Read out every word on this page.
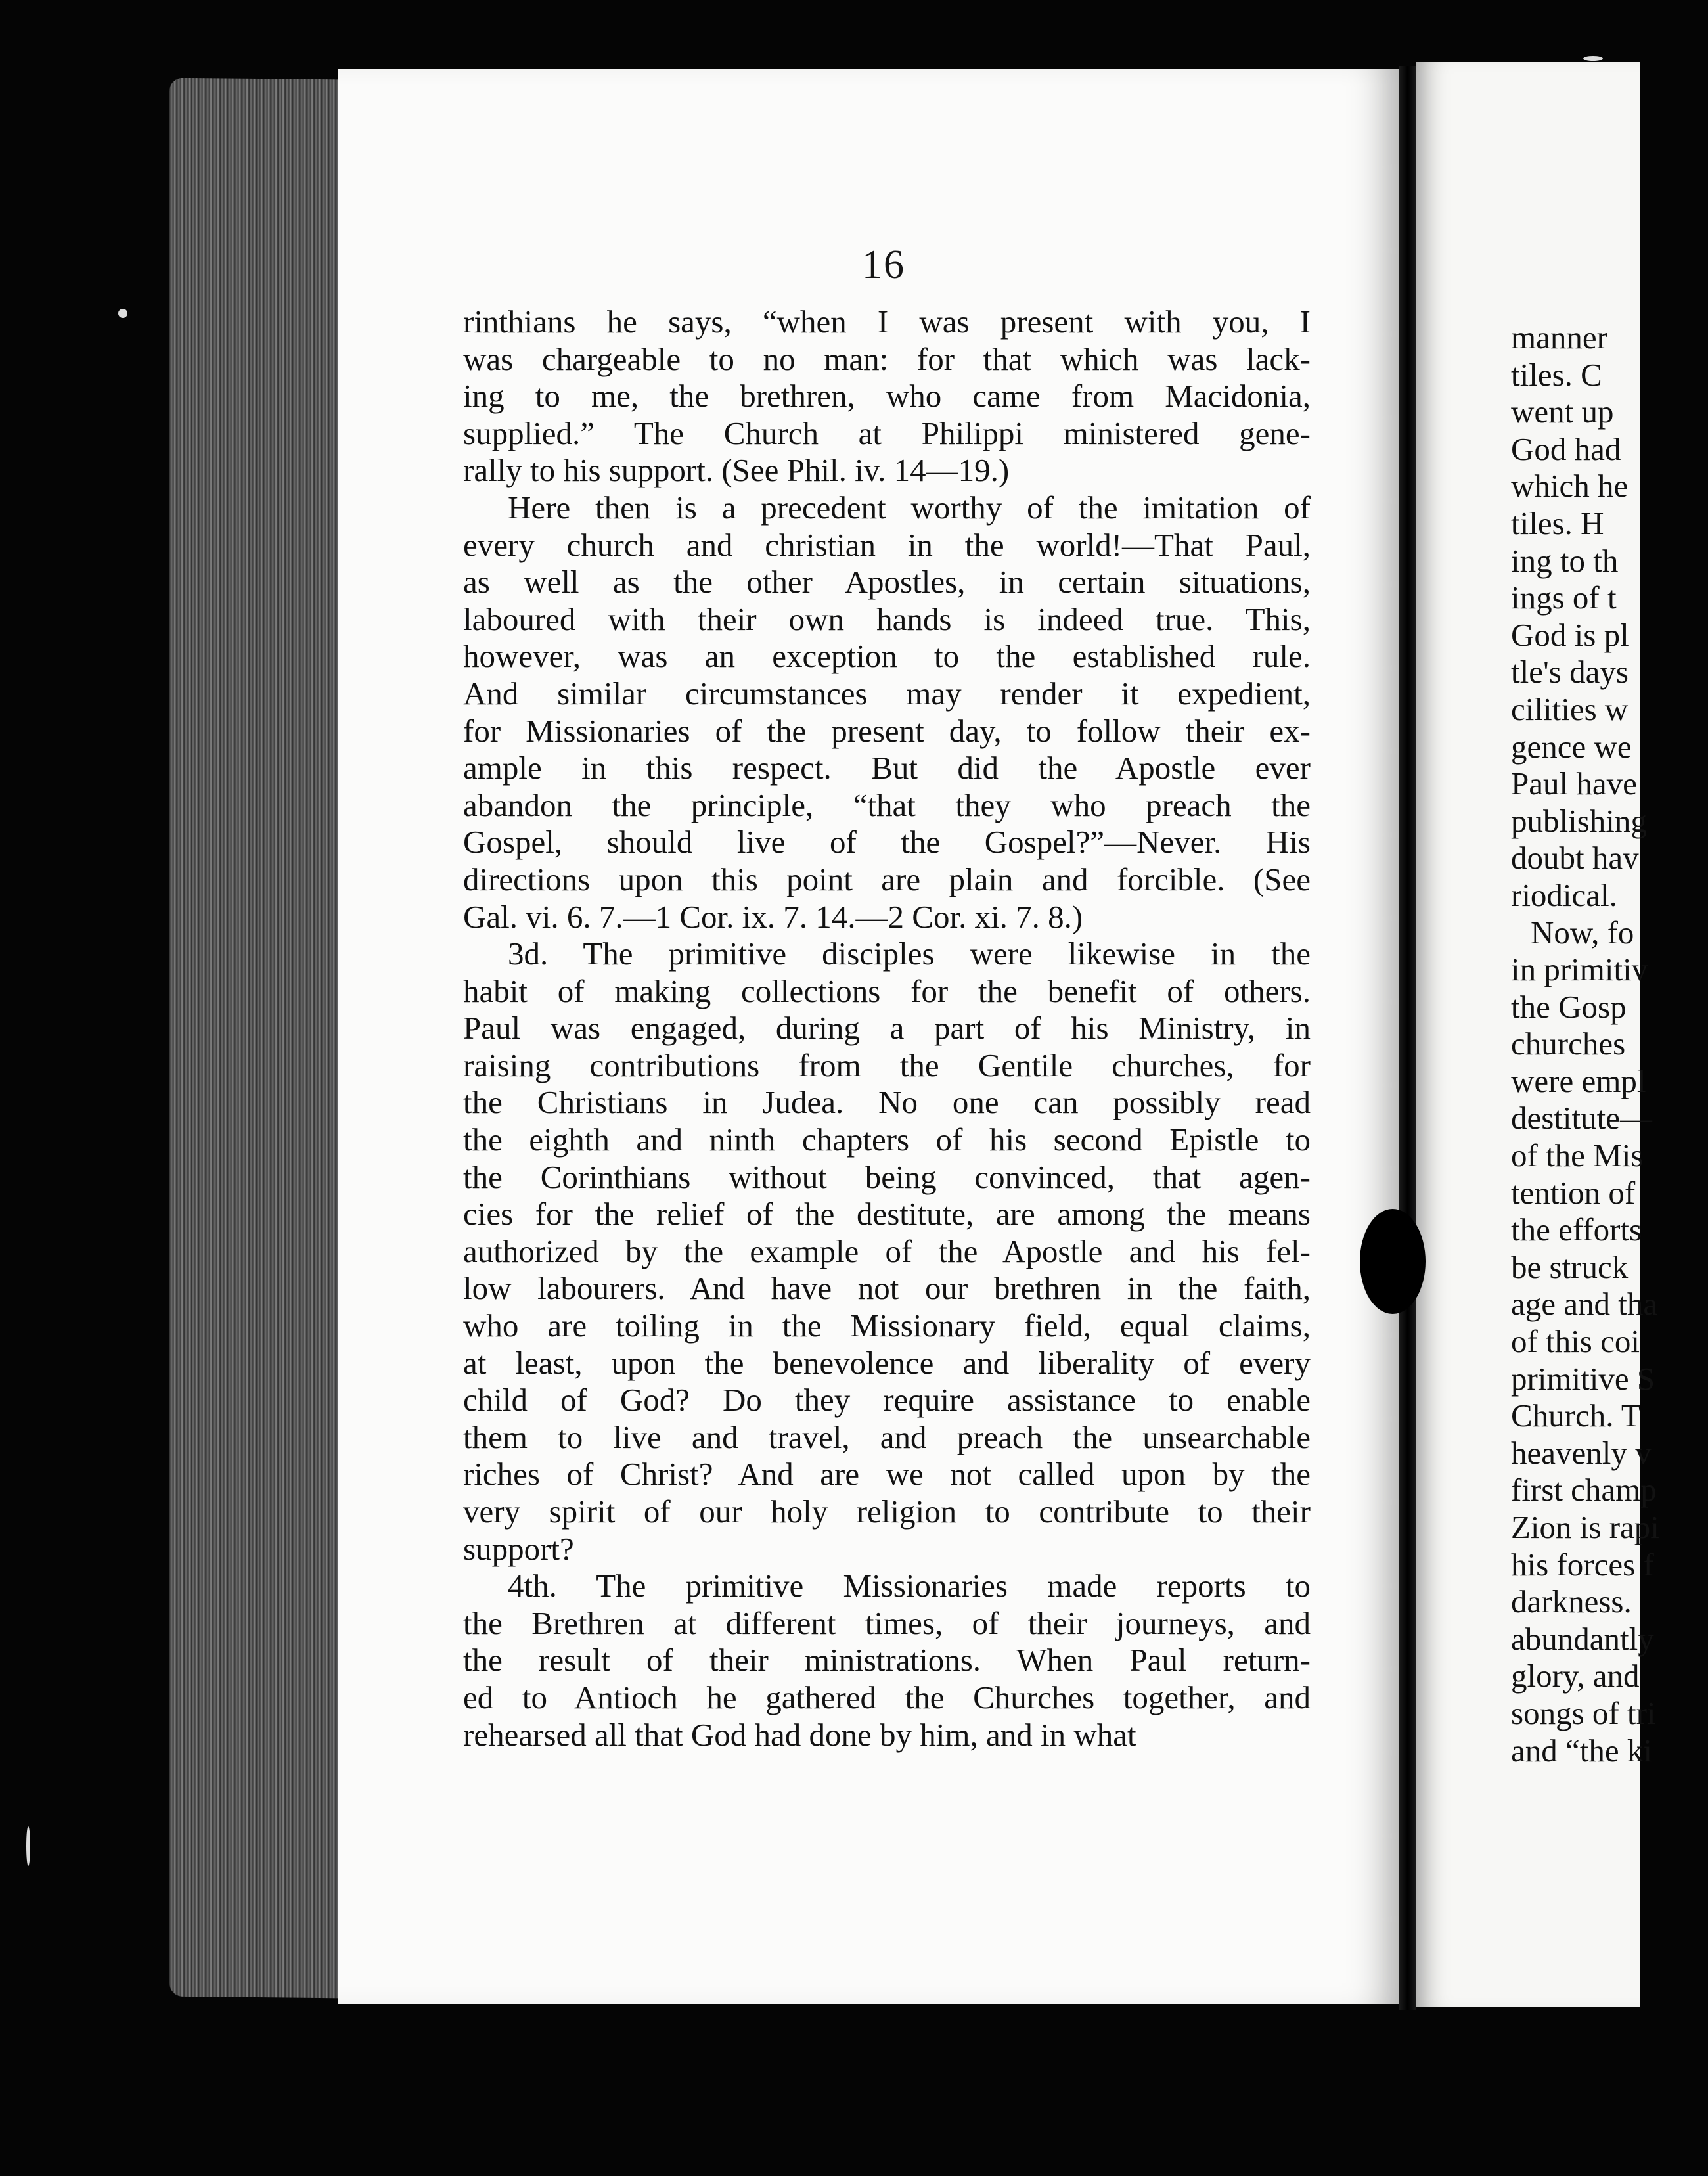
16
rinthians he says, “when I was present with you, I
was chargeable to no man: for that which was lack-
ing to me, the brethren, who came from Macidonia,
supplied.” The Church at Philippi ministered gene-
rally to his support. (See Phil. iv. 14—19.)
Here then is a precedent worthy of the imitation of
every church and christian in the world!—That Paul,
as well as the other Apostles, in certain situations,
laboured with their own hands is indeed true. This,
however, was an exception to the established rule.
And similar circumstances may render it expedient,
for Missionaries of the present day, to follow their ex-
ample in this respect. But did the Apostle ever
abandon the principle, “that they who preach the
Gospel, should live of the Gospel?”—Never. His
directions upon this point are plain and forcible. (See
Gal. vi. 6. 7.—1 Cor. ix. 7. 14.—2 Cor. xi. 7. 8.)
3d. The primitive disciples were likewise in the
habit of making collections for the benefit of others.
Paul was engaged, during a part of his Ministry, in
raising contributions from the Gentile churches, for
the Christians in Judea. No one can possibly read
the eighth and ninth chapters of his second Epistle to
the Corinthians without being convinced, that agen-
cies for the relief of the destitute, are among the means
authorized by the example of the Apostle and his fel-
low labourers. And have not our brethren in the faith,
who are toiling in the Missionary field, equal claims,
at least, upon the benevolence and liberality of every
child of God? Do they require assistance to enable
them to live and travel, and preach the unsearchable
riches of Christ? And are we not called upon by the
very spirit of our holy religion to contribute to their
support?
4th. The primitive Missionaries made reports to
the Brethren at different times, of their journeys, and
the result of their ministrations. When Paul return-
ed to Antioch he gathered the Churches together, and
rehearsed all that God had done by him, and in what
manner
tiles. C
went up
God had
which he
tiles. H
ing to th
ings of t
God is pl
tle's days
cilities w
gence we
Paul have
publishing
doubt hav
riodical.
Now, fo
in primitiv
the Gosp
churches
were empl
destitute—
of the Mis
tention of
the efforts
be struck
age and tha
of this coi
primitive S
Church. T
heavenly v
first champ
Zion is rapi
his forces f
darkness.
abundantly
glory, and
songs of tri
and “the ki
